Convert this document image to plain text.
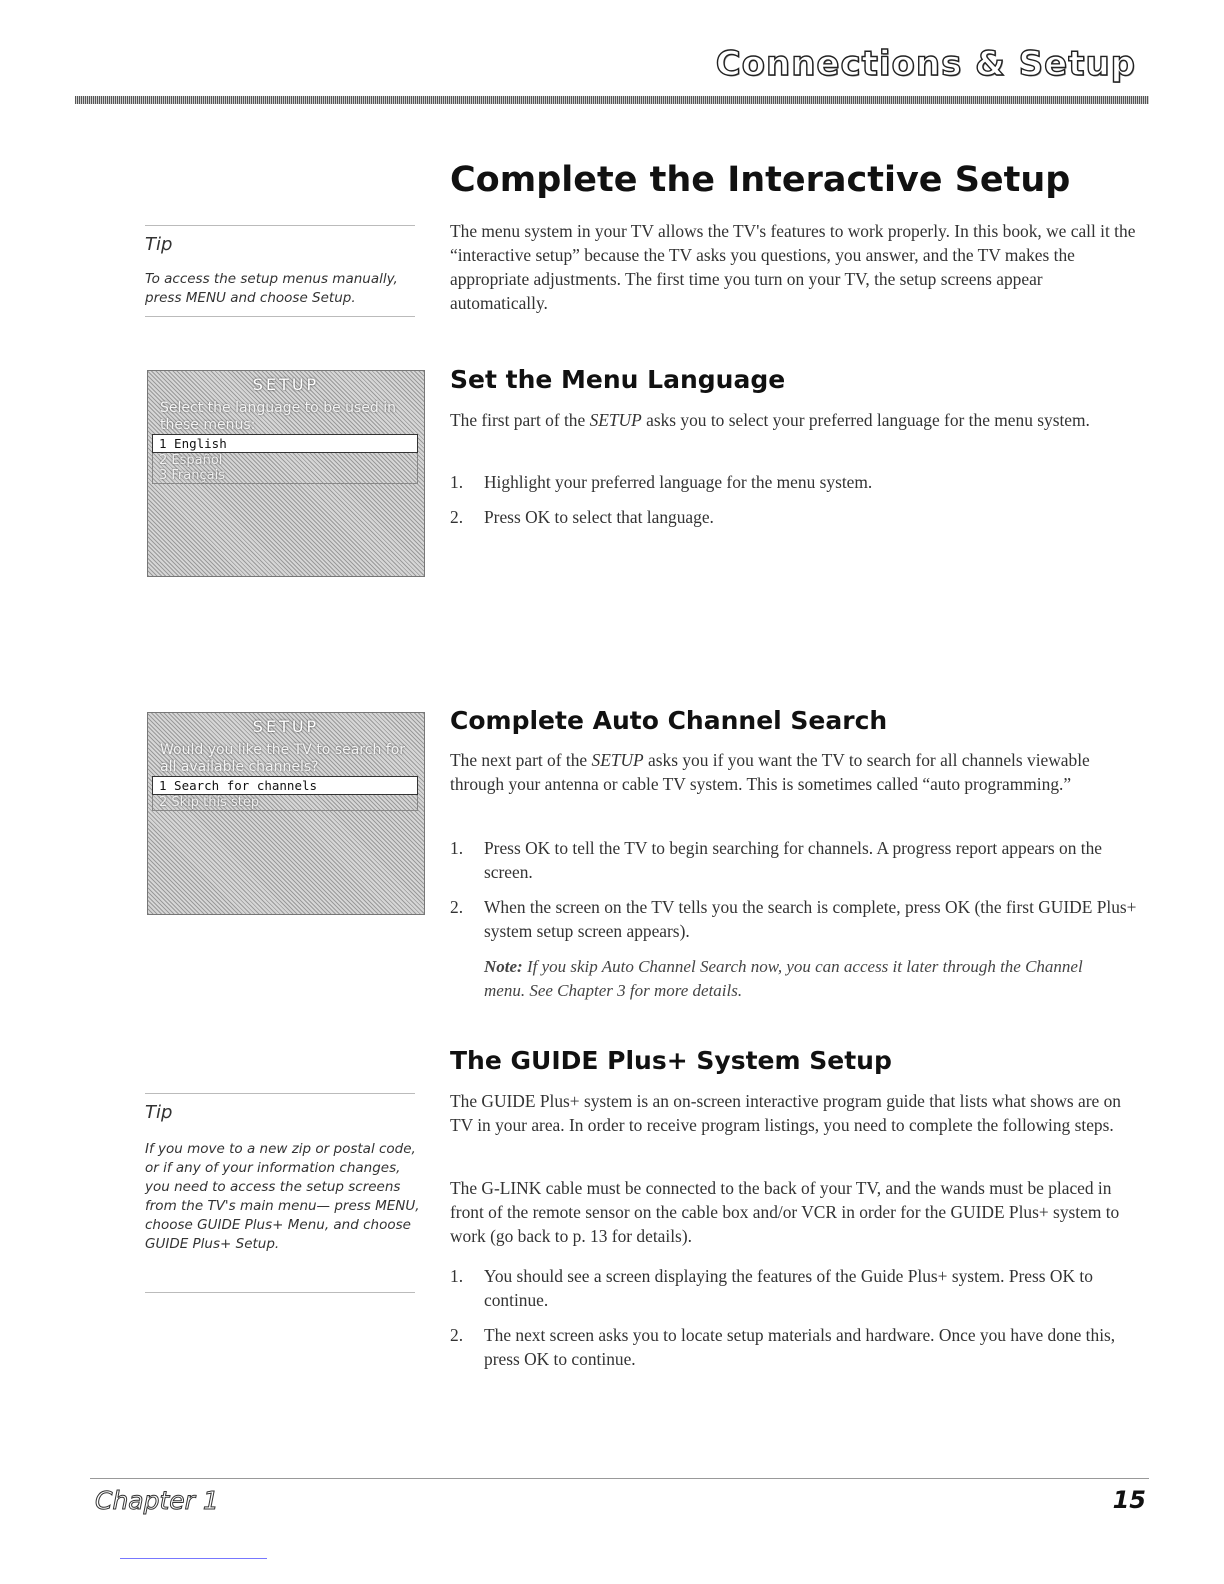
Connections & Setup
Complete the Interactive Setup
The menu system in your TV allows the TV's features to work properly. In this book, we call it the “interactive setup” because the TV asks you questions, you answer, and the TV makes the appropriate adjustments. The first time you turn on your TV, the setup screens appear automatically.
Tip
To access the setup menus manually, press MENU and choose Setup.
SETUP
Select the language to be used in these menus:
1 English
2 Español
3 Français
Set the Menu Language
The first part of the SETUP asks you to select your preferred language for the menu system.
1.	Highlight your preferred language for the menu system.
2.	Press OK to select that language.
SETUP
Would you like the TV to search for all available channels?
1 Search for channels
2 Skip this step
Complete Auto Channel Search
The next part of the SETUP asks you if you want the TV to search for all channels viewable through your antenna or cable TV system. This is sometimes called “auto programming.”
1.	Press OK to tell the TV to begin searching for channels. A progress report appears on the screen.
2.	When the screen on the TV tells you the search is complete, press OK (the first GUIDE Plus+ system setup screen appears).
Note: If you skip Auto Channel Search now, you can access it later through the Channel menu. See Chapter 3 for more details.
The GUIDE Plus+ System Setup
The GUIDE Plus+ system is an on-screen interactive program guide that lists what shows are on TV in your area. In order to receive program listings, you need to complete the following steps.
The G-LINK cable must be connected to the back of your TV, and the wands must be placed in front of the remote sensor on the cable box and/or VCR in order for the GUIDE Plus+ system to work (go back to p. 13 for details).
1.	You should see a screen displaying the features of the Guide Plus+ system. Press OK to continue.
2.	The next screen asks you to locate setup materials and hardware. Once you have done this, press OK to continue.
Tip
If you move to a new zip or postal code, or if any of your information changes, you need to access the setup screens from the TV's main menu— press MENU, choose GUIDE Plus+ Menu, and choose GUIDE Plus+ Setup.
Chapter 1	15
